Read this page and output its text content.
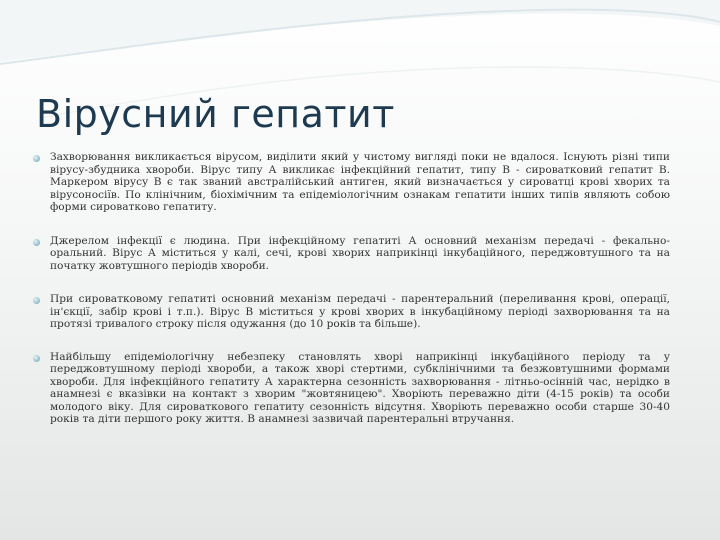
Вірусний гепатит
Захворювання викликається вірусом, виділити який у чистому вигляді поки не вдалося. Існують різні типи вірусу-збудника хвороби. Вірус типу А викликає інфекційний гепатит, типу В - сироватковий гепатит В. Маркером вірусу В є так званий австралійський антиген, який визначається у сироватці крові хворих та вірусоносіїв. По клінічним, біохімічним та епідеміологічним ознакам гепатити інших типів являють собою форми сироватково гепатиту.
Джерелом інфекції є людина. При інфекційному гепатиті А основний механізм передачі - фекально-оральний. Вірус А міститься у калі, сечі, крові хворих наприкінці інкубаційного, переджовтушного та на початку жовтушного періодів хвороби.
При сироватковому гепатиті основний механізм передачі - парентеральний (переливання крові, операції, ін'єкції, забір крові і т.п.). Вірус В міститься у крові хворих в інкубаційному періоді захворювання та на протязі тривалого строку після одужання (до 10 років та більше).
Найбільшу епідеміологічну небезпеку становлять хворі наприкінці інкубаційного періоду та у переджовтушному періоді хвороби, а також хворі стертими, субклінічними та безжовтушними формами хвороби. Для інфекційного гепатиту А характерна сезонність захворювання - літньо-осінній час, нерідко в анамнезі є вказівки на контакт з хворим "жовтяницею". Хворіють переважно діти (4-15 років) та особи молодого віку. Для сироваткового гепатиту сезонність відсутня. Хворіють переважно особи старше 30-40 років та діти першого року життя. В анамнезі зазвичай парентеральні втручання.
